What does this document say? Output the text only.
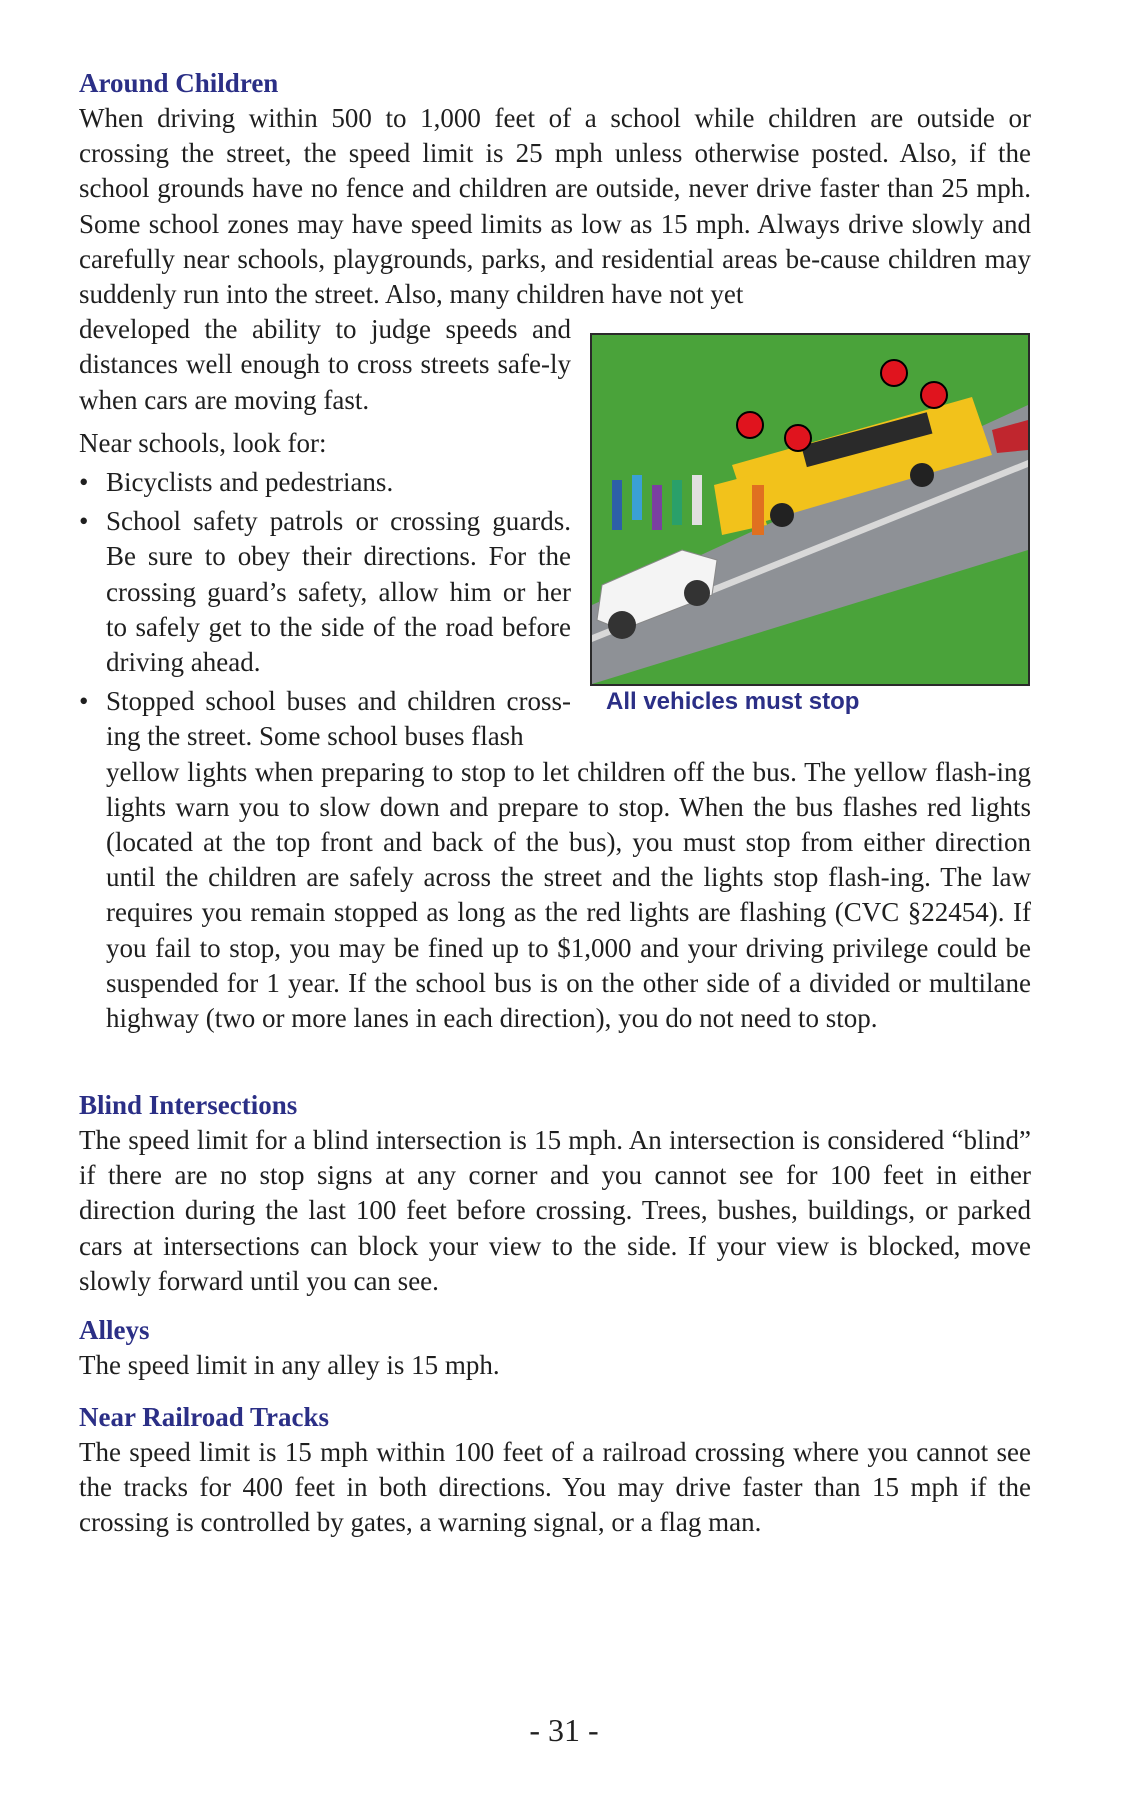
Around Children

When driving within 500 to 1,000 feet of a school while children are outside or crossing the street, the speed limit is 25 mph unless otherwise posted. Also, if the school grounds have no fence and children are outside, never drive faster than 25 mph. Some school zones may have speed limits as low as 15 mph. Always drive slowly and carefully near schools, playgrounds, parks, and residential areas be-cause children may suddenly run into the street. Also, many children have not yet

developed the ability to judge speeds and distances well enough to cross streets safe-ly when cars are moving fast.

Near schools, look for:

• Bicyclists and pedestrians.
• School safety patrols or crossing guards. Be sure to obey their directions. For the crossing guard’s safety, allow him or her to safely get to the side of the road before driving ahead.
• Stopped school buses and children cross-ing the street. Some school buses flash

yellow lights when preparing to stop to let children off the bus. The yellow flash-ing lights warn you to slow down and prepare to stop. When the bus flashes red lights (located at the top front and back of the bus), you must stop from either direction until the children are safely across the street and the lights stop flash-ing. The law requires you remain stopped as long as the red lights are flashing (CVC §22454). If you fail to stop, you may be fined up to $1,000 and your driving privilege could be suspended for 1 year. If the school bus is on the other side of a divided or multilane highway (two or more lanes in each direction), you do not need to stop.

All vehicles must stop
Blind Intersections

The speed limit for a blind intersection is 15 mph. An intersection is considered “blind” if there are no stop signs at any corner and you cannot see for 100 feet in either direction during the last 100 feet before crossing. Trees, bushes, buildings, or parked cars at intersections can block your view to the side. If your view is blocked, move slowly forward until you can see.

Alleys

The speed limit in any alley is 15 mph.

Near Railroad Tracks

The speed limit is 15 mph within 100 feet of a railroad crossing where you cannot see the tracks for 400 feet in both directions. You may drive faster than 15 mph if the crossing is controlled by gates, a warning signal, or a flag man.

- 31 -
